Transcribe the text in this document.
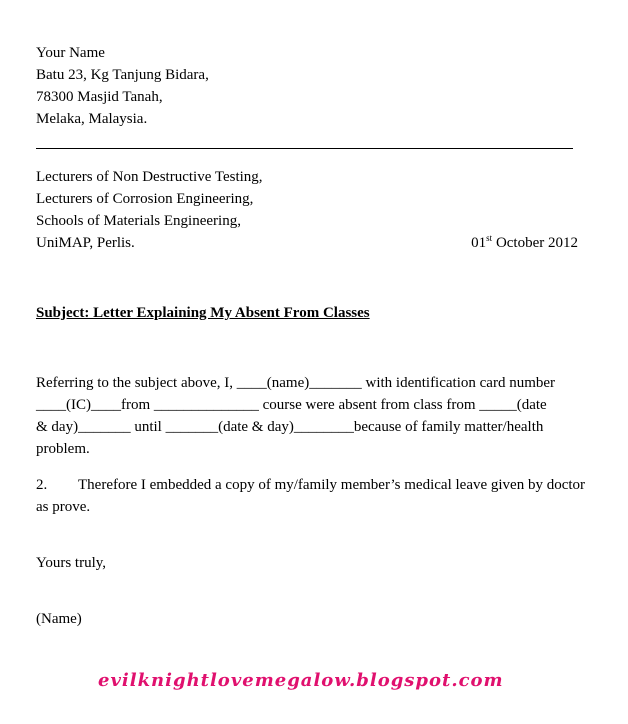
Your Name
Batu 23, Kg Tanjung Bidara,
78300 Masjid Tanah,
Melaka, Malaysia.
Lecturers of Non Destructive Testing,
Lecturers of Corrosion Engineering,
Schools of Materials Engineering,
UniMAP, Perlis.	01st October 2012
Subject: Letter Explaining My Absent From Classes
Referring to the subject above, I, ____(name)_______ with identification card number
____(IC)____from ______________ course were absent from class from _____(date
& day)_______ until _______(date & day)________because of family matter/health
problem.
2. Therefore I embedded a copy of my/family member’s medical leave given by doctor as prove.
Yours truly,
(Name)
evilknightlovemegalow.blogspot.com
